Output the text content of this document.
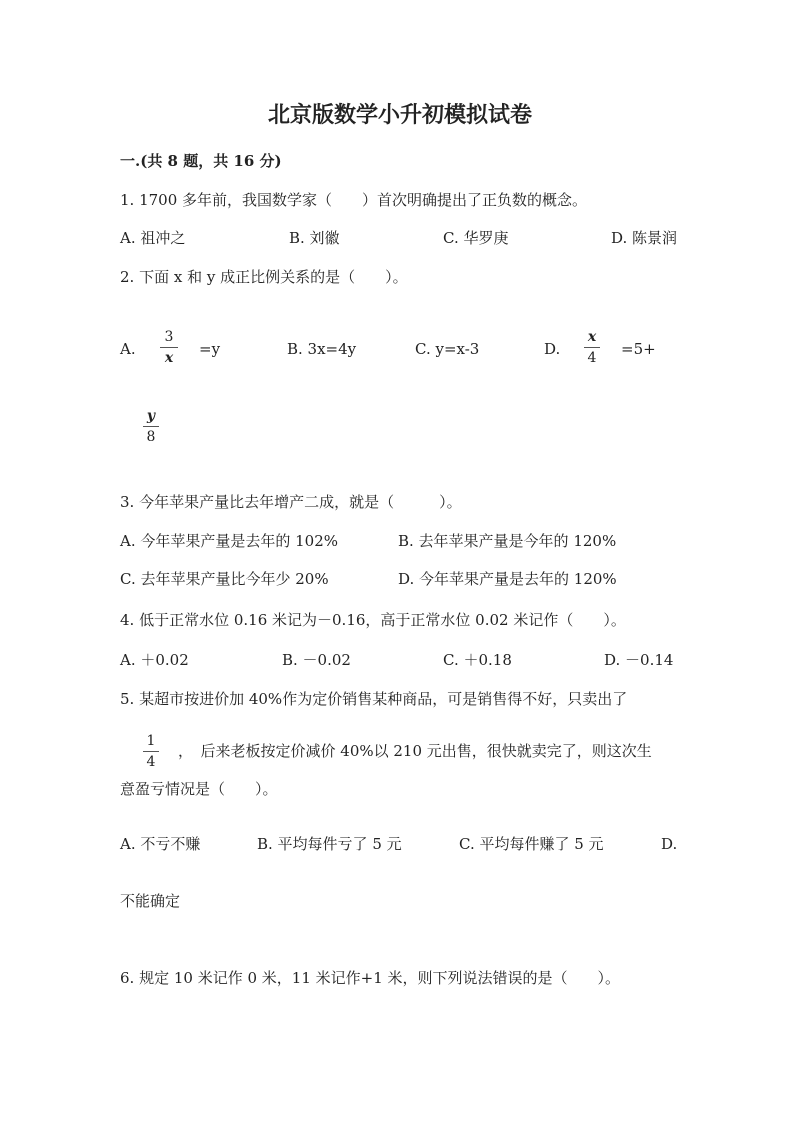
北京版数学小升初模拟试卷
一.(共 8 题，共 16 分)
1. 1700 多年前，我国数学家（　　）首次明确提出了正负数的概念。
A. 祖冲之	B. 刘徽	C. 华罗庚	D. 陈景润
2. 下面 x 和 y 成正比例关系的是（　　）。
A.
3
x	=y	B. 3x=4y	C. y=x-3	D.
x
4 =5+
y
8
3. 今年苹果产量比去年增产二成，就是（　　　）。
A. 今年苹果产量是去年的 102%	B. 去年苹果产量是今年的 120%
C. 去年苹果产量比今年少 20%	D. 今年苹果产量是去年的 120%
4. 低于正常水位 0.16 米记为－0.16，高于正常水位 0.02 米记作（　　）。
A. ＋0.02	B. －0.02	C. ＋0.18	D. －0.14
5. 某超市按进价加 40%作为定价销售某种商品，可是销售得不好，只卖出了
1
4
，　后来老板按定价减价 40%以 210 元出售，很快就卖完了，则这次生
意盈亏情况是（　　）。
A. 不亏不赚	B. 平均每件亏了 5 元	C. 平均每件赚了 5 元	D.
不能确定
6. 规定 10 米记作 0 米，11 米记作+1 米，则下列说法错误的是（　　）。
